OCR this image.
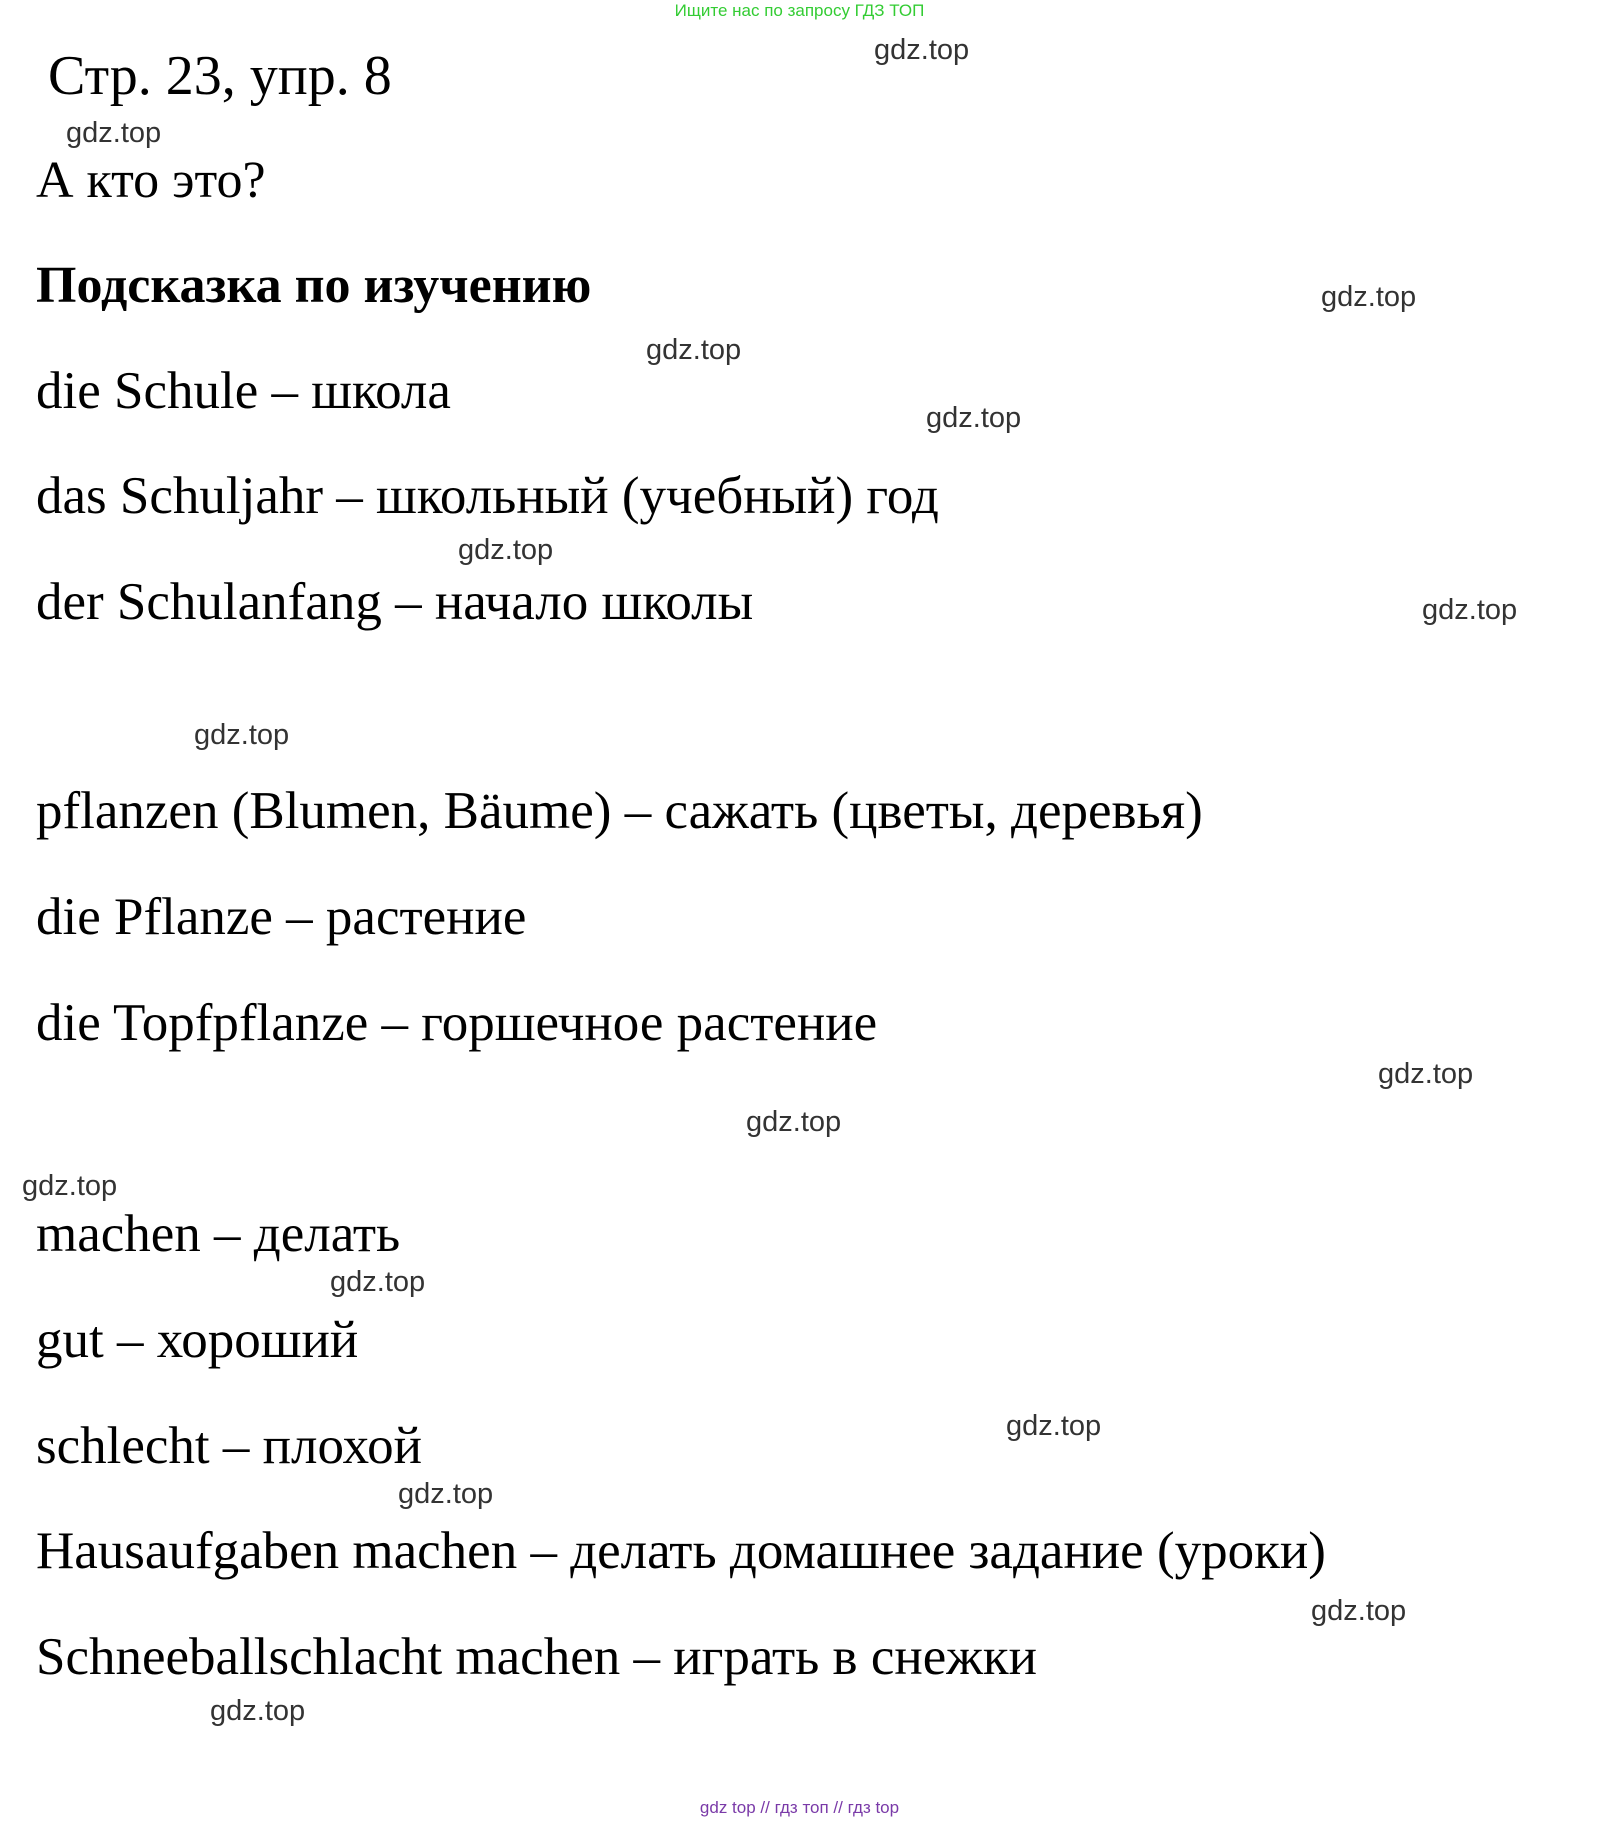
Ищите нас по запросу ГДЗ ТОП
Стр. 23, упр. 8
А кто это?
Подсказка по изучению
die Schule – школа
das Schuljahr – школьный (учебный) год
der Schulanfang – начало школы
pflanzen (Blumen, Bäume) – сажать (цветы, деревья)
die Pflanze – растение
die Topfpflanze – горшечное растение
machen – делать
gut – хороший
schlecht – плохой
Hausaufgaben machen – делать домашнее задание (уроки)
Schneeballschlacht machen – играть в снежки
gdz.top
gdz.top
gdz.top
gdz.top
gdz.top
gdz.top
gdz.top
gdz.top
gdz.top
gdz.top
gdz.top
gdz.top
gdz.top
gdz.top
gdz.top
gdz.top
gdz top // гдз топ // гдз top
